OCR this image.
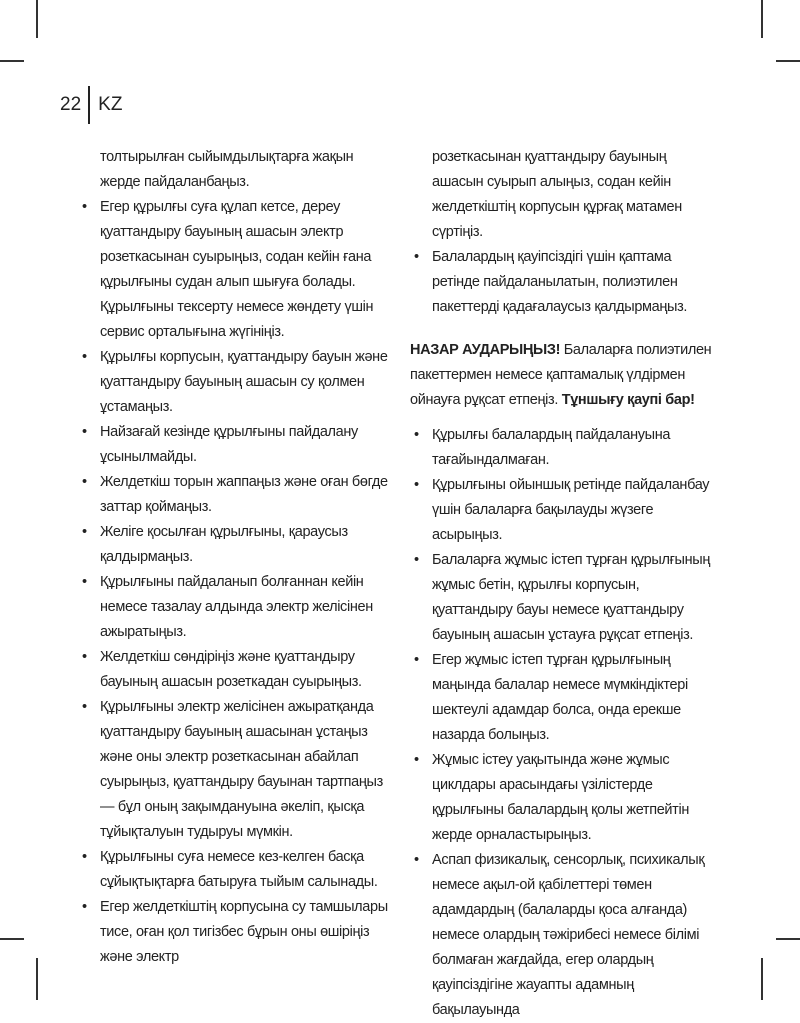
22 KZ

толтырылған сыйымдылықтарға жақын жерде пайдаланбаңыз.

• Егер құрылғы суға құлап кетсе, дереу қуаттандыру бауының ашасын электр розеткасынан суырыңыз, содан кейін ғана құрылғыны судан алып шығуға болады. Құрылғыны тексерту немесе жөндету үшін сервис орталығына жүгініңіз.
• Құрылғы корпусын, қуаттандыру бауын және қуаттандыру бауының ашасын су қолмен ұстамаңыз.
• Найзағай кезінде құрылғыны пайдалану ұсынылмайды.
• Желдеткіш торын жаппаңыз және оған бөгде заттар қоймаңыз.
• Желіге қосылған құрылғыны, қараусыз қалдырмаңыз.
• Құрылғыны пайдаланып болғаннан кейін немесе тазалау алдында электр желісінен ажыратыңыз.
• Желдеткіш сөндіріңіз және қуаттандыру бауының ашасын розеткадан суырыңыз.
• Құрылғыны электр желісінен ажыратқанда қуаттандыру бауының ашасынан ұстаңыз және оны электр розеткасынан абайлап суырыңыз, қуаттандыру бауынан тартпаңыз — бұл оның зақымдануына әкеліп, қысқа тұйықталуын тудыруы мүмкін.
• Құрылғыны суға немесе кез-келген басқа сұйықтықтарға батыруға тыйым салынады.
• Егер желдеткіштің корпусына су тамшылары тисе, оған қол тигізбес бұрын оны өшіріңіз және электр

розеткасынан қуаттандыру бауының ашасын суырып алыңыз, содан кейін желдеткіштің корпусын құрғақ матамен сүртіңіз.

• Балалардың қауіпсіздігі үшін қаптама ретінде пайдаланылатын, полиэтилен пакеттерді қадағалаусыз қалдырмаңыз.

НАЗАР АУДАРЫҢЫЗ! Балаларға полиэтилен пакеттермен немесе қаптамалық үлдірмен ойнауға рұқсат етпеңіз. Тұншығу қаупі бар!

• Құрылғы балалардың пайдалануына тағайындалмаған.
• Құрылғыны ойыншық ретінде пайдаланбау үшін балаларға бақылауды жүзеге асырыңыз.
• Балаларға жұмыс істеп тұрған құрылғының жұмыс бетін, құрылғы корпусын, қуаттандыру бауы немесе қуаттандыру бауының ашасын ұстауға рұқсат етпеңіз.
• Егер жұмыс істеп тұрған құрылғының маңында балалар немесе мүмкіндіктері шектеулі адамдар болса, онда ерекше назарда болыңыз.
• Жұмыс істеу уақытында және жұмыс циклдары арасындағы үзілістерде құрылғыны балалардың қолы жетпейтін жерде орналастырыңыз.
• Аспап физикалық, сенсорлық, психикалық немесе ақыл-ой қабілеттері төмен адамдардың (балаларды қоса алғанда) немесе олардың тәжірибесі немесе білімі болмаған жағдайда, егер олардың қауіпсіздігіне жауапты адамның бақылауында
